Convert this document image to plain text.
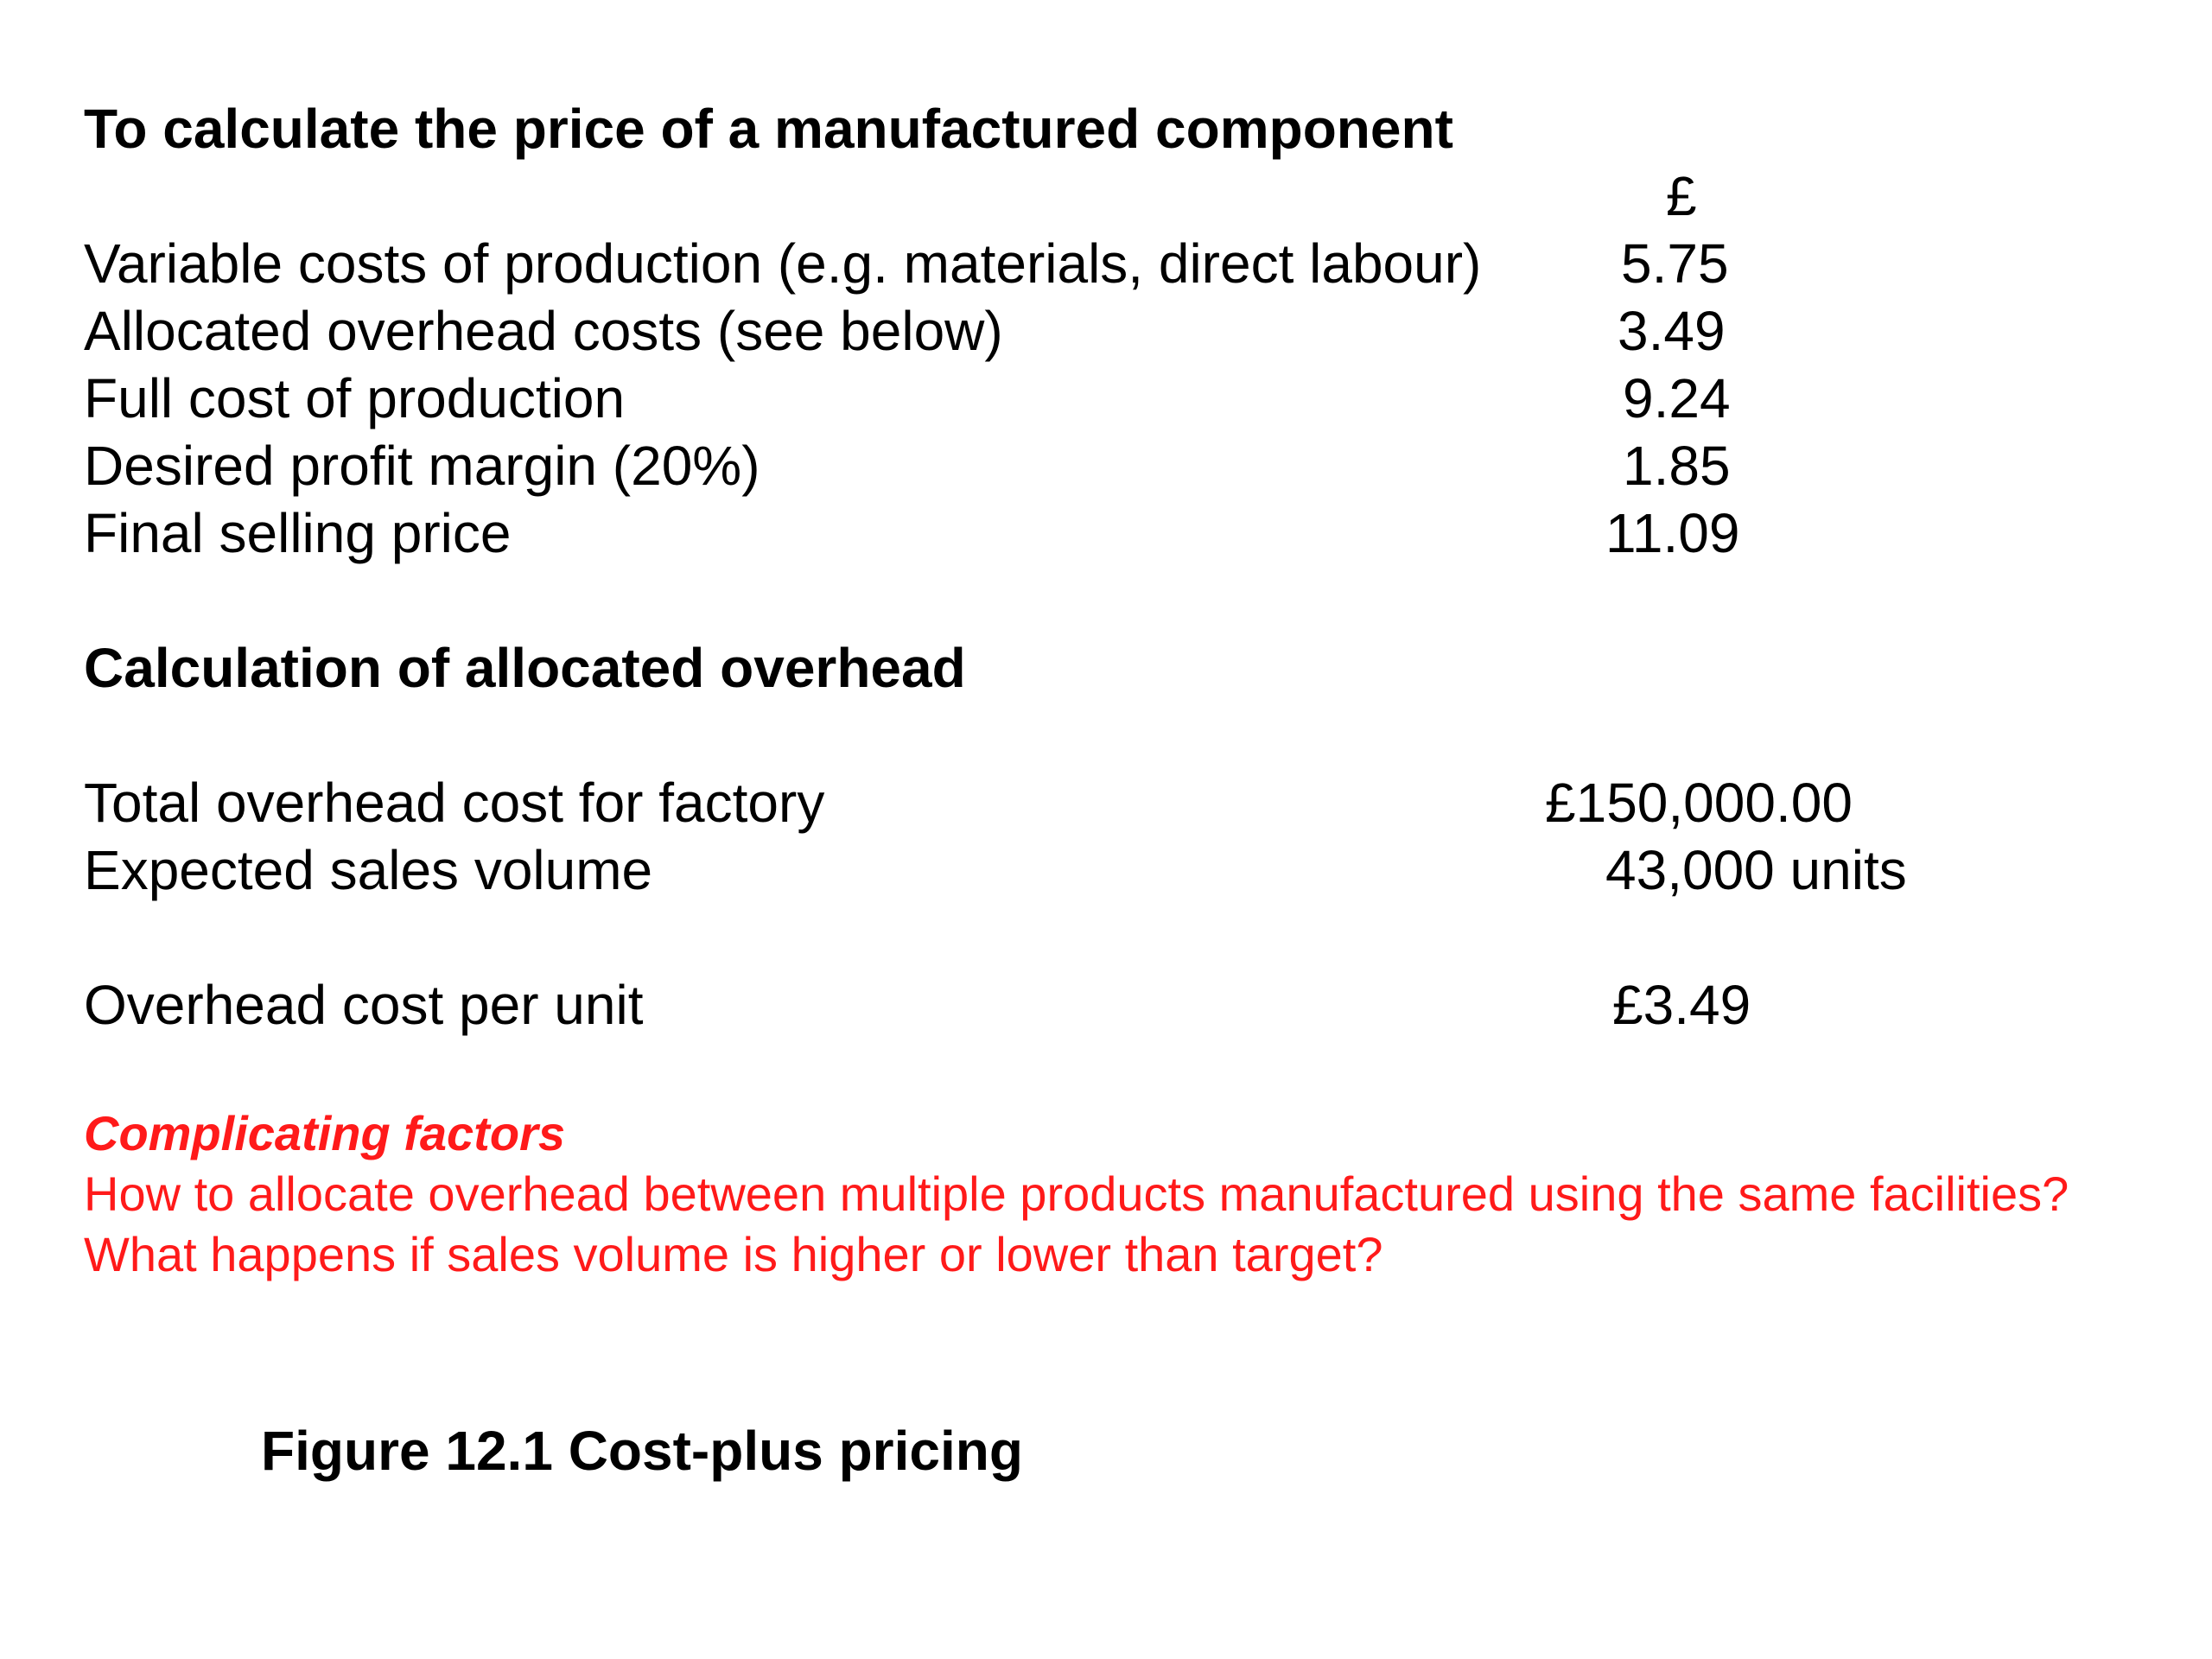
To calculate the price of a manufactured component
£
Variable costs of production (e.g. materials, direct labour)	5.75
Allocated overhead costs (see below)	3.49
Full cost of production	9.24
Desired profit margin (20%)	1.85
Final selling price	11.09
Calculation of allocated overhead
Total overhead cost for factory	£150,000.00
Expected sales volume	43,000 units
Overhead cost per unit	£3.49
Complicating factors
How to allocate overhead between multiple products manufactured using the same facilities?
What happens if sales volume is higher or lower than target?
Figure 12.1 Cost-plus pricing
